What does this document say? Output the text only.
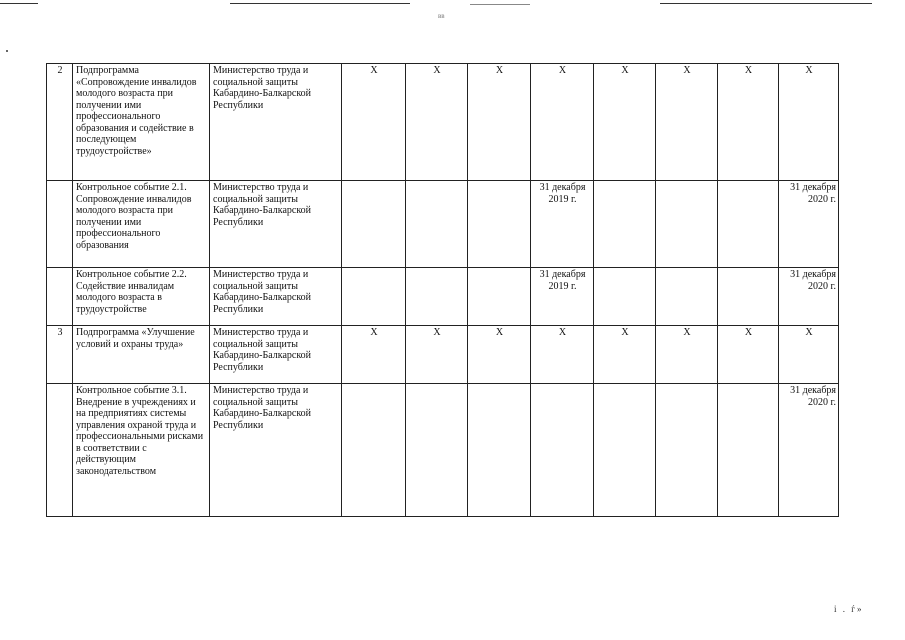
вв
2	Подпрограмма «Сопровождение инвалидов молодого возраста при получении ими профессионального образования и содействие в последующем трудоустройстве»	Министерство труда и социальной защиты Кабардино-Балкарской Республики	X	X	X	X	X	X	X	X
	Контрольное событие 2.1. Сопровождение инвалидов молодого возраста при получении ими профессионального образования	Министерство труда и социальной защиты Кабардино-Балкарской Республики				31 декабря 2019 г.				31 декабря 2020 г.
	Контрольное событие 2.2. Содействие инвалидам молодого возраста в трудоустройстве	Министерство труда и социальной защиты Кабардино-Балкарской Республики				31 декабря 2019 г.				31 декабря 2020 г.
3	Подпрограмма «Улучшение условий и охраны труда»	Министерство труда и социальной защиты Кабардино-Балкарской Республики	X	X	X	X	X	X	X	X
	Контрольное событие 3.1. Внедрение в учреждениях и на предприятиях системы управления охраной труда и профессиональными рисками в соответствии с действующим законодательством	Министерство труда и социальной защиты Кабардино-Балкарской Республики								31 декабря 2020 г.
і . ѓ»
